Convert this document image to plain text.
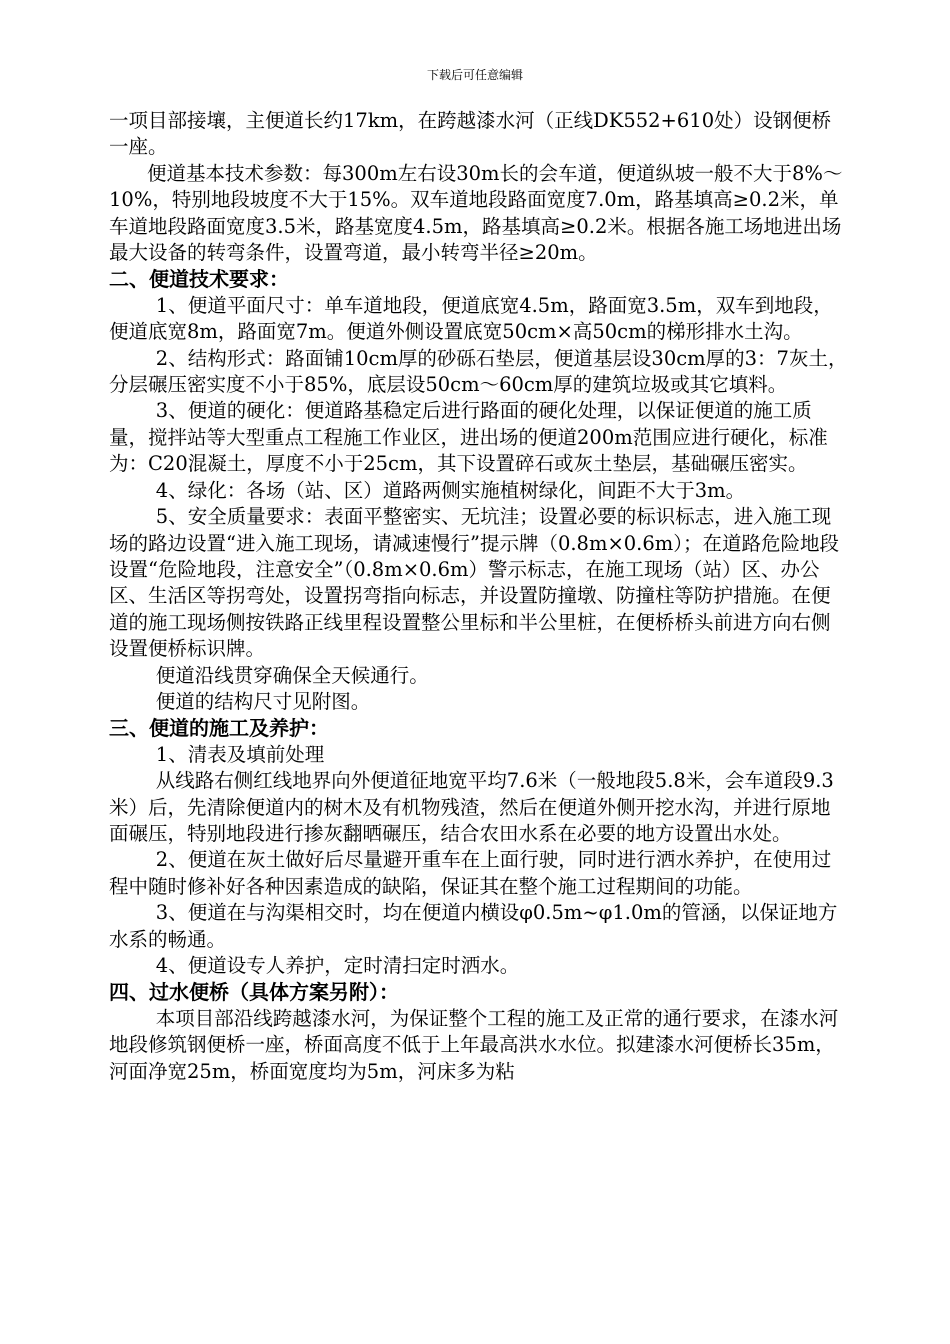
下载后可任意编辑

一项目部接壤，主便道长约17km，在跨越漆水河（正线DK552+610处）设钢便桥一座。

便道基本技术参数：每300m左右设30m长的会车道，便道纵坡一般不大于8%～10%，特别地段坡度不大于15%。双车道地段路面宽度7.0m，路基填高≥0.2米，单车道地段路面宽度3.5米，路基宽度4.5m，路基填高≥0.2米。根据各施工场地进出场最大设备的转弯条件，设置弯道，最小转弯半径≥20m。

二、便道技术要求：

1、便道平面尺寸：单车道地段，便道底宽4.5m，路面宽3.5m，双车到地段，便道底宽8m，路面宽7m。便道外侧设置底宽50cm×高50cm的梯形排水土沟。

2、结构形式：路面铺10cm厚的砂砾石垫层，便道基层设30cm厚的3：7灰土，分层碾压密实度不小于85%，底层设50cm～60cm厚的建筑垃圾或其它填料。

3、便道的硬化：便道路基稳定后进行路面的硬化处理，以保证便道的施工质量，搅拌站等大型重点工程施工作业区，进出场的便道200m范围应进行硬化，标准为：C20混凝土，厚度不小于25cm，其下设置碎石或灰土垫层，基础碾压密实。

4、绿化：各场（站、区）道路两侧实施植树绿化，间距不大于3m。

5、安全质量要求：表面平整密实、无坑洼；设置必要的标识标志，进入施工现场的路边设置“进入施工现场，请减速慢行”提示牌（0.8m×0.6m）；在道路危险地段设置“危险地段，注意安全”（0.8m×0.6m）警示标志，在施工现场（站）区、办公区、生活区等拐弯处，设置拐弯指向标志，并设置防撞墩、防撞柱等防护措施。在便道的施工现场侧按铁路正线里程设置整公里标和半公里桩，在便桥桥头前进方向右侧设置便桥标识牌。

便道沿线贯穿确保全天候通行。

便道的结构尺寸见附图。

三、便道的施工及养护：

1、清表及填前处理

从线路右侧红线地界向外便道征地宽平均7.6米（一般地段5.8米，会车道段9.3米）后，先清除便道内的树木及有机物残渣，然后在便道外侧开挖水沟，并进行原地面碾压，特别地段进行掺灰翻晒碾压，结合农田水系在必要的地方设置出水处。

2、便道在灰土做好后尽量避开重车在上面行驶，同时进行洒水养护，在使用过程中随时修补好各种因素造成的缺陷，保证其在整个施工过程期间的功能。

3、便道在与沟渠相交时，均在便道内横设φ0.5m~φ1.0m的管涵，以保证地方水系的畅通。

4、便道设专人养护，定时清扫定时洒水。

四、过水便桥（具体方案另附）：

本项目部沿线跨越漆水河，为保证整个工程的施工及正常的通行要求，在漆水河地段修筑钢便桥一座，桥面高度不低于上年最高洪水水位。拟建漆水河便桥长35m，河面净宽25m，桥面宽度均为5m，河床多为粘
